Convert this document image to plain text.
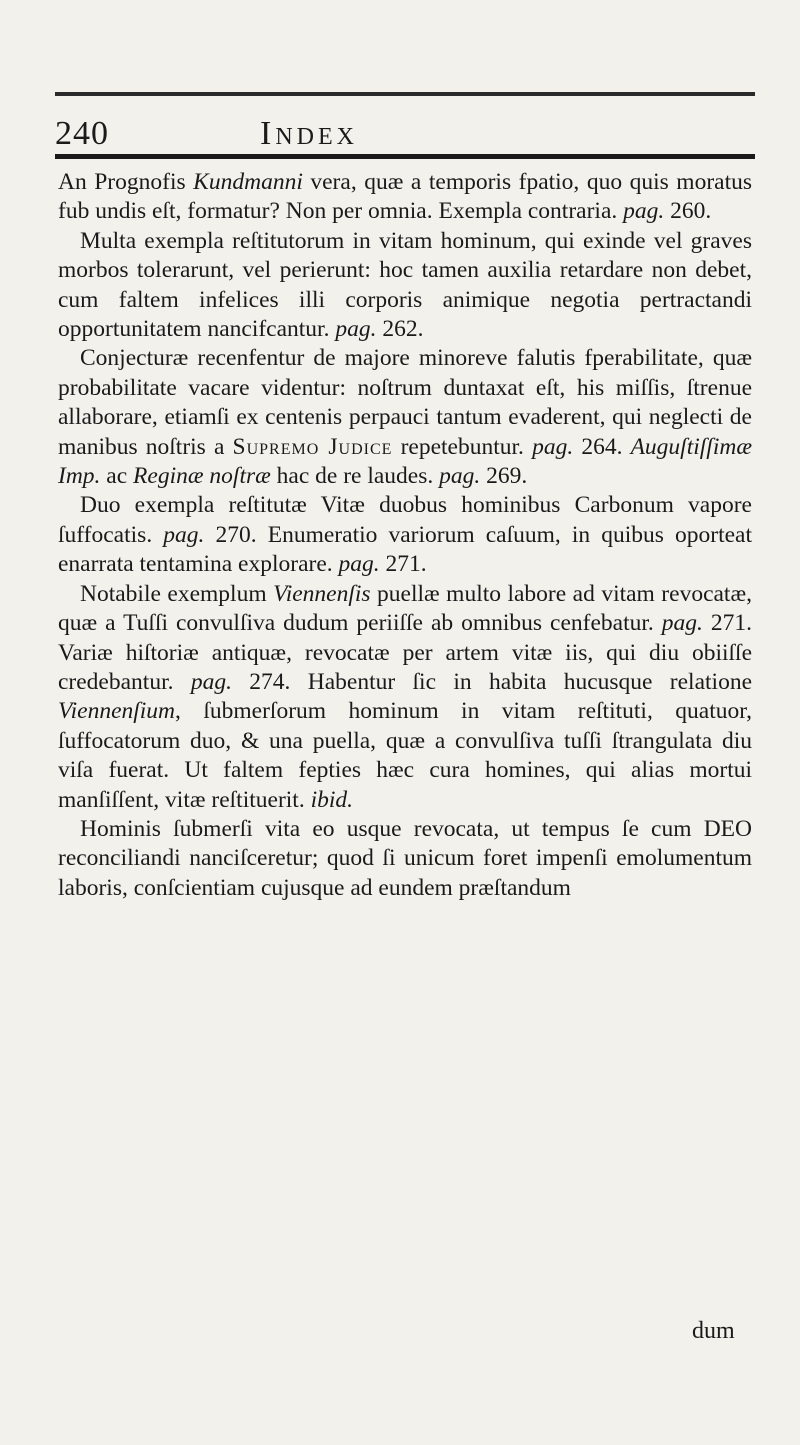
240	Index

An Prognofis Kundmanni vera, quæ a temporis fpatio, quo quis moratus fub undis eſt, formatur? Non per omnia. Exempla contraria. pag. 260.

Multa exempla reſtitutorum in vitam hominum, qui exinde vel graves morbos tolerarunt, vel perierunt: hoc tamen auxilia retardare non debet, cum faltem infelices illi corporis animique negotia pertractandi opportunitatem nancifcantur. pag. 262.

Conjecturæ recenfentur de majore minoreve falutis fperabilitate, quæ probabilitate vacare videntur: noſtrum duntaxat eſt, his miſſis, ſtrenue allaborare, etiamſi ex centenis perpauci tantum evaderent, qui neglecti de manibus noſtris a Supremo Judice repetebuntur. pag. 264. Auguſtiſſimæ Imp. ac Reginæ noſtræ hac de re laudes. pag. 269.

Duo exempla reſtitutæ Vitæ duobus hominibus Carbonum vapore ſuffocatis. pag. 270. Enumeratio variorum caſuum, in quibus oporteat enarrata tentamina explorare. pag. 271.

Notabile exemplum Viennenſis puellæ multo labore ad vitam revocatæ, quæ a Tuſſi convulſiva dudum periiſſe ab omnibus cenfebatur. pag. 271. Variæ hiſtoriæ antiquæ, revocatæ per artem vitæ iis, qui diu obiiſſe credebantur. pag. 274. Habentur ſic in habita hucusque relatione Viennenſium, ſubmerſorum hominum in vitam reſtituti, quatuor, ſuffocatorum duo, & una puella, quæ a convulſiva tuſſi ſtrangulata diu viſa fuerat. Ut faltem fepties hæc cura homines, qui alias mortui manſiſſent, vitæ reſtituerit. ibid.

Hominis ſubmerſi vita eo usque revocata, ut tempus ſe cum DEO reconciliandi nanciſceretur; quod ſi unicum foret impenſi emolumentum laboris, conſcientiam cujusque ad eundem præſtandum

dum
